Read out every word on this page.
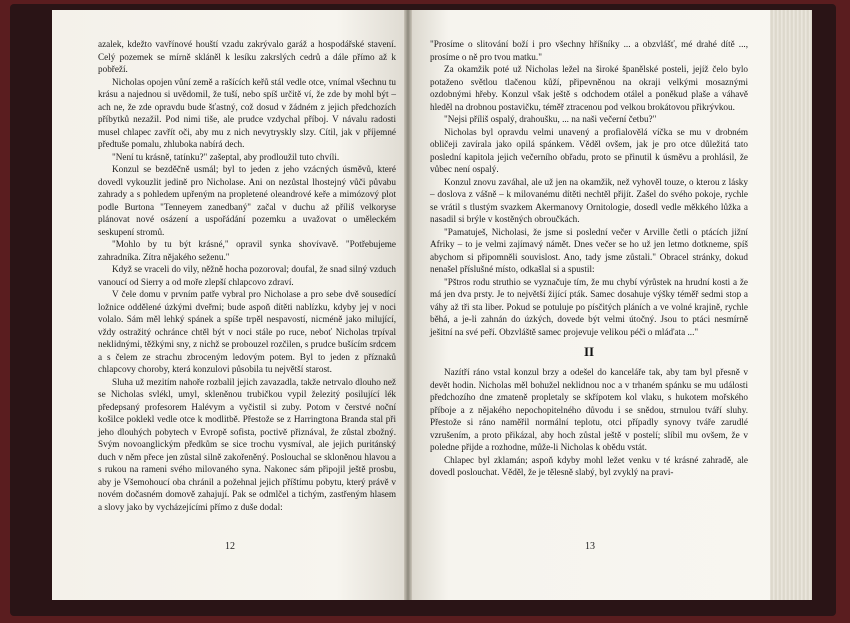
azalek, kdežto vavřínové houští vzadu zakrývalo garáž a hospodářské stavení. Celý pozemek se mírně skláněl k lesíku zakrslých cedrů a dále přímo až k pobřeží.

Nicholas opojen vůní země a rašících keřů stál vedle otce, vnímal všechnu tu krásu a najednou si uvědomil, že tuší, nebo spíš určitě ví, že zde by mohl být – ach ne, že zde opravdu bude šťastný, což dosud v žádném z jejich předchozích příbytků nezažil. Pod nimi tiše, ale prudce vzdychal příboj. V návalu radosti musel chlapec zavřít oči, aby mu z nich nevytryskly slzy. Cítil, jak v příjemné předtuše pomalu, zhluboka nabírá dech.

"Není tu krásně, tatínku?" zašeptal, aby prodloužil tuto chvíli.

Konzul se bezděčně usmál; byl to jeden z jeho vzácných úsměvů, které dovedl vykouzlit jedině pro Nicholase. Ani on nezůstal lhostejný vůči půvabu zahrady a s pohledem upřeným na propletené oleandrové keře a mimózový plot podle Burtona "Tenneyem zanedbaný" začal v duchu až příliš velkoryse plánovat nové osázení a uspořádání pozemku a uvažovat o uměleckém seskupení stromů.

"Mohlo by tu být krásné," opravil synka shovívavě. "Potřebujeme zahradníka. Zítra nějakého seženu."

Když se vraceli do vily, něžně hocha pozoroval; doufal, že snad silný vzduch vanoucí od Sierry a od moře zlepší chlapcovo zdraví.

V čele domu v prvním patře vybral pro Nicholase a pro sebe dvě sousedící ložnice oddělené úzkými dveřmi; bude aspoň dítěti nablízku, kdyby jej v noci volalo. Sám měl lehký spánek a spíše trpěl nespavostí, nicméně jako milující, vždy ostražitý ochránce chtěl být v noci stále po ruce, neboť Nicholas trpíval neklidnými, těžkými sny, z nichž se probouzel rozčilen, s prudce bušícím srdcem a s čelem ze strachu zbroceným ledovým potem. Byl to jeden z příznaků chlapcovy choroby, která konzulovi působila tu největší starost.

Sluha už mezitím nahoře rozbalil jejich zavazadla, takže netrvalo dlouho než se Nicholas svlékl, umyl, skleněnou trubičkou vypil železitý posilující lék předepsaný profesorem Halévym a vyčistil si zuby. Potom v čerstvé noční košilce poklekl vedle otce k modlitbě. Přestože se z Harringtona Branda stal při jeho dlouhých pobytech v Evropě sofista, poctivě přiznával, že zůstal zbožný. Svým novoanglickým předkům se sice trochu vysmíval, ale jejich puritánský duch v něm přece jen zůstal silně zakořeněný. Poslouchal se skloněnou hlavou a s rukou na rameni svého milovaného syna. Nakonec sám připojil ještě prosbu, aby je Všemohoucí oba chránil a požehnal jejich příštímu pobytu, který právě v novém dočasném domově zahajují. Pak se odmlčel a tichým, zastřeným hlasem a slovy jako by vycházejícími přímo z duše dodal:

12

"Prosíme o slitování boží i pro všechny hříšníky ... a obzvlášť, mé drahé dítě ..., prosíme o ně pro tvou matku."

Za okamžik poté už Nicholas ležel na široké španělské posteli, jejíž čelo bylo potaženo světlou tlačenou kůží, připevněnou na okraji velkými mosaznými ozdobnými hřeby. Konzul však ještě s odchodem otálel a poněkud plaše a váhavě hleděl na drobnou postavičku, téměř ztracenou pod velkou brokátovou přikrývkou.

"Nejsi příliš ospalý, drahoušku, ... na naši večerní četbu?"

Nicholas byl opravdu velmi unavený a profialovělá víčka se mu v drobném obličeji zavírala jako opilá spánkem. Věděl ovšem, jak je pro otce důležitá tato poslední kapitola jejich večerního obřadu, proto se přinutil k úsměvu a prohlásil, že vůbec není ospalý.

Konzul znovu zaváhal, ale už jen na okamžik, než vyhověl touze, o kterou z lásky – doslova z vášně – k milovanému dítěti nechtěl přijít. Zašel do svého pokoje, rychle se vrátil s tlustým svazkem Akermanovy Ornitologie, dosedl vedle měkkého lůžka a nasadil si brýle v kostěných obroučkách.

"Pamatuješ, Nicholasi, že jsme si poslední večer v Arville četli o ptácích jižní Afriky – to je velmi zajímavý námět. Dnes večer se ho už jen letmo dotkneme, spíš abychom si připomněli souvislost. Ano, tady jsme zůstali." Obracel stránky, dokud nenašel příslušné místo, odkašlal si a spustil:

"Pštros rodu struthio se vyznačuje tím, že mu chybí výrůstek na hrudní kosti a že má jen dva prsty. Je to největší žijící pták. Samec dosahuje výšky téměř sedmi stop a váhy až tři sta liber. Pokud se potuluje po písčitých pláních a ve volné krajině, rychle běhá, a je-li zahnán do úzkých, dovede být velmi útočný. Jsou to ptáci nesmírně ješitní na své peří. Obzvláště samec projevuje velikou péči o mláďata ..."

II

Nazítří ráno vstal konzul brzy a odešel do kanceláře tak, aby tam byl přesně v devět hodin. Nicholas měl bohužel neklidnou noc a v trhaném spánku se mu události předchozího dne zmateně propletaly se skřípotem kol vlaku, s hukotem mořského příboje a z nějakého nepochopitelného důvodu i se snědou, strnulou tváří sluhy. Přestože si ráno naměřil normální teplotu, otci případly synovy tváře zarudlé vzrušením, a proto přikázal, aby hoch zůstal ještě v postelí; slíbil mu ovšem, že v poledne přijde a rozhodne, může-li Nicholas k obědu vstát.

Chlapec byl zklamán; aspoň kdyby mohl ležet venku v té krásné zahradě, ale dovedl poslouchat. Věděl, že je tělesně slabý, byl zvyklý na pravi-

13
